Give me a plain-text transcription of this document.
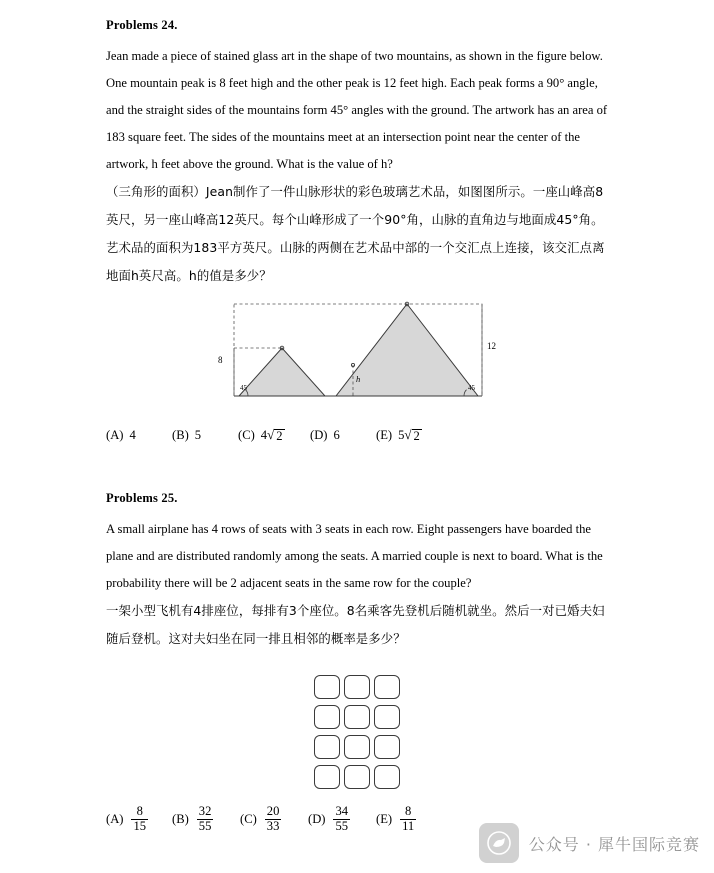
Problems 24.

Jean made a piece of stained glass art in the shape of two mountains, as shown in the figure below.

One mountain peak is 8 feet high and the other peak is 12 feet high. Each peak forms a 90° angle,

and the straight sides of the mountains form 45° angles with the ground. The artwork has an area of

183 square feet. The sides of the mountains meet at an intersection point near the center of the

artwork, h feet above the ground. What is the value of h?

（三角形的面积）Jean制作了一件山脉形状的彩色玻璃艺术品，如图图所示。一座山峰高8

英尺，另一座山峰高12英尺。每个山峰形成了一个90°角，山脉的直角边与地面成45°角。

艺术品的面积为183平方英尺。山脉的两侧在艺术品中部的一个交汇点上连接，该交汇点离

地面h英尺高。h的值是多少？

8
12
h
45	45
(A) 4	(B) 5	(C) 4 √ 2 (D) 6	(E) 5 √ 2
Problems 25.

A small airplane has 4 rows of seats with 3 seats in each row. Eight passengers have boarded the

plane and are distributed randomly among the seats. A married couple is next to board. What is the

probability there will be 2 adjacent seats in the same row for the couple?

一架小型飞机有4排座位，每排有3个座位。8名乘客先登机后随机就坐。然后一对已婚夫妇

随后登机。这对夫妇坐在同一排且相邻的概率是多少？

$(A) \frac{8}{15} (B) \frac{32}{55} (C) \frac{20}{33} (D) \frac{34}{55} (E) \frac{8}{11}$
公众号 · 犀牛国际竞赛
